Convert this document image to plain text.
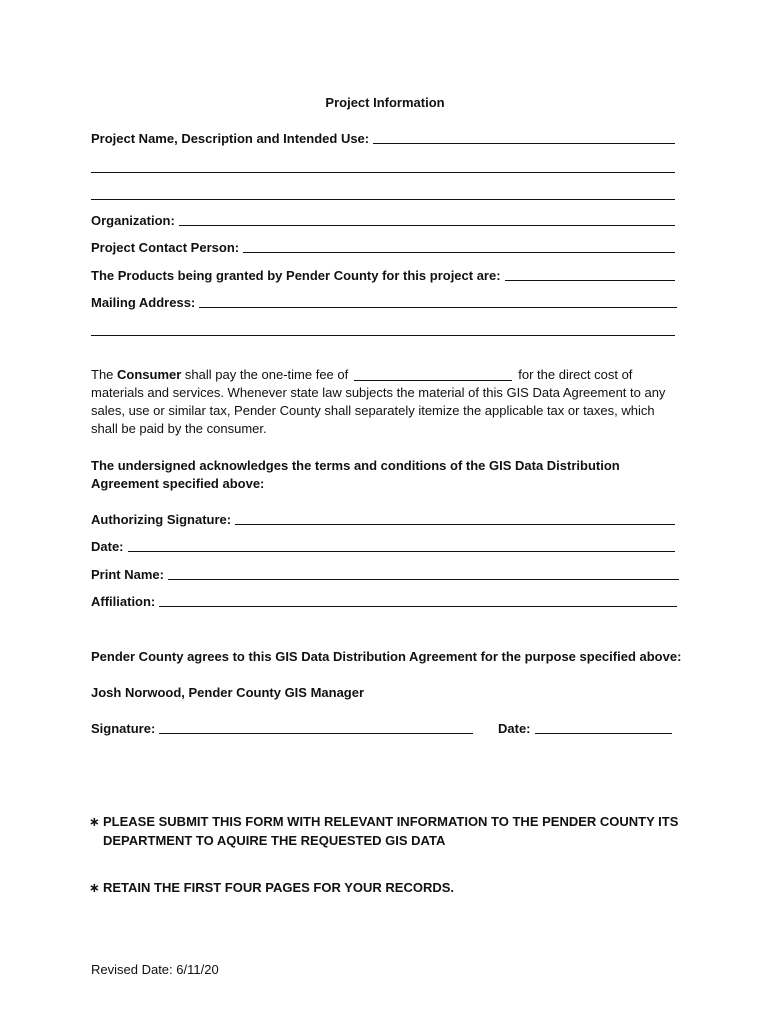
Project Information
Project Name, Description and Intended Use:
Organization:
Project Contact Person:
The Products being granted by Pender County for this project are:
Mailing Address:
The Consumer shall pay the one-time fee of	for the direct cost of
materials and services. Whenever state law subjects the material of this GIS Data Agreement to any
sales, use or similar tax, Pender County shall separately itemize the applicable tax or taxes, which
shall be paid by the consumer.
The undersigned acknowledges the terms and conditions of the GIS Data Distribution
Agreement specified above:
Authorizing Signature:
Date:
Print Name:
Affiliation:
Pender County agrees to this GIS Data Distribution Agreement for the purpose specified above:
Josh Norwood, Pender County GIS Manager
Signature:	Date:
∗ PLEASE SUBMIT THIS FORM WITH RELEVANT INFORMATION TO THE PENDER COUNTY ITS
DEPARTMENT TO AQUIRE THE REQUESTED GIS DATA
∗ RETAIN THE FIRST FOUR PAGES FOR YOUR RECORDS.
Revised Date: 6/11/20
